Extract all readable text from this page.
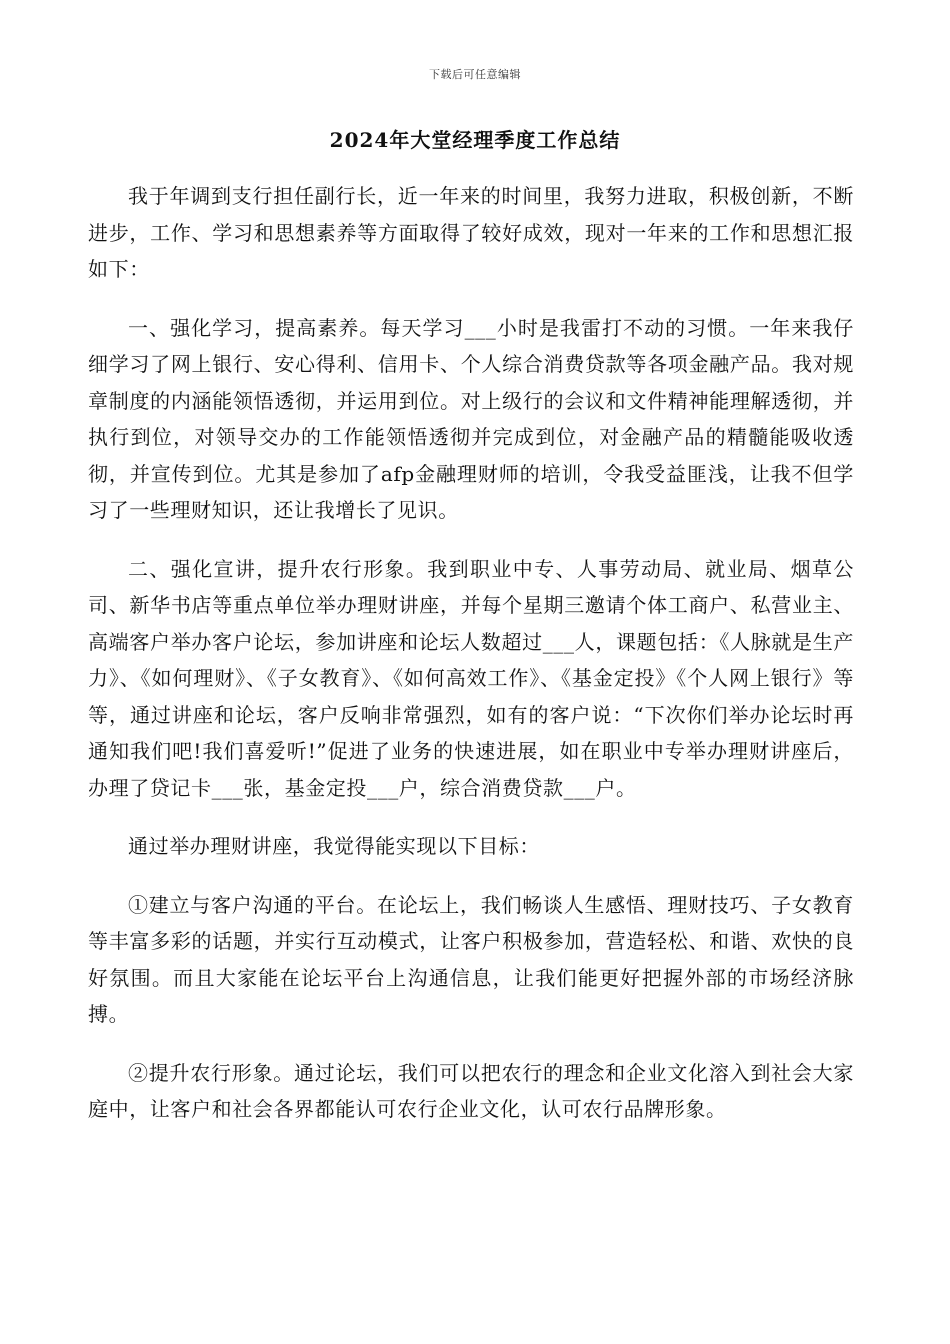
下载后可任意编辑
2024年大堂经理季度工作总结

我于年调到支行担任副行长，近一年来的时间里，我努力进取，积极创新，不断进步，工作、学习和思想素养等方面取得了较好成效，现对一年来的工作和思想汇报如下：

一、强化学习，提高素养。每天学习___小时是我雷打不动的习惯。一年来我仔细学习了网上银行、安心得利、信用卡、个人综合消费贷款等各项金融产品。我对规章制度的内涵能领悟透彻，并运用到位。对上级行的会议和文件精神能理解透彻，并执行到位，对领导交办的工作能领悟透彻并完成到位，对金融产品的精髓能吸收透彻，并宣传到位。尤其是参加了afp金融理财师的培训，令我受益匪浅，让我不但学习了一些理财知识，还让我增长了见识。

二、强化宣讲，提升农行形象。我到职业中专、人事劳动局、就业局、烟草公司、新华书店等重点单位举办理财讲座，并每个星期三邀请个体工商户、私营业主、高端客户举办客户论坛，参加讲座和论坛人数超过___人，课题包括：《人脉就是生产力》、《如何理财》、《子女教育》、《如何高效工作》、《基金定投》《个人网上银行》等等，通过讲座和论坛，客户反响非常强烈，如有的客户说：“下次你们举办论坛时再通知我们吧!我们喜爱听!”促进了业务的快速进展，如在职业中专举办理财讲座后，办理了贷记卡___张，基金定投___户，综合消费贷款___户。

通过举办理财讲座，我觉得能实现以下目标：

①建立与客户沟通的平台。在论坛上，我们畅谈人生感悟、理财技巧、子女教育等丰富多彩的话题，并实行互动模式，让客户积极参加，营造轻松、和谐、欢快的良好氛围。而且大家能在论坛平台上沟通信息，让我们能更好把握外部的市场经济脉搏。

②提升农行形象。通过论坛，我们可以把农行的理念和企业文化溶入到社会大家庭中，让客户和社会各界都能认可农行企业文化，认可农行品牌形象。
